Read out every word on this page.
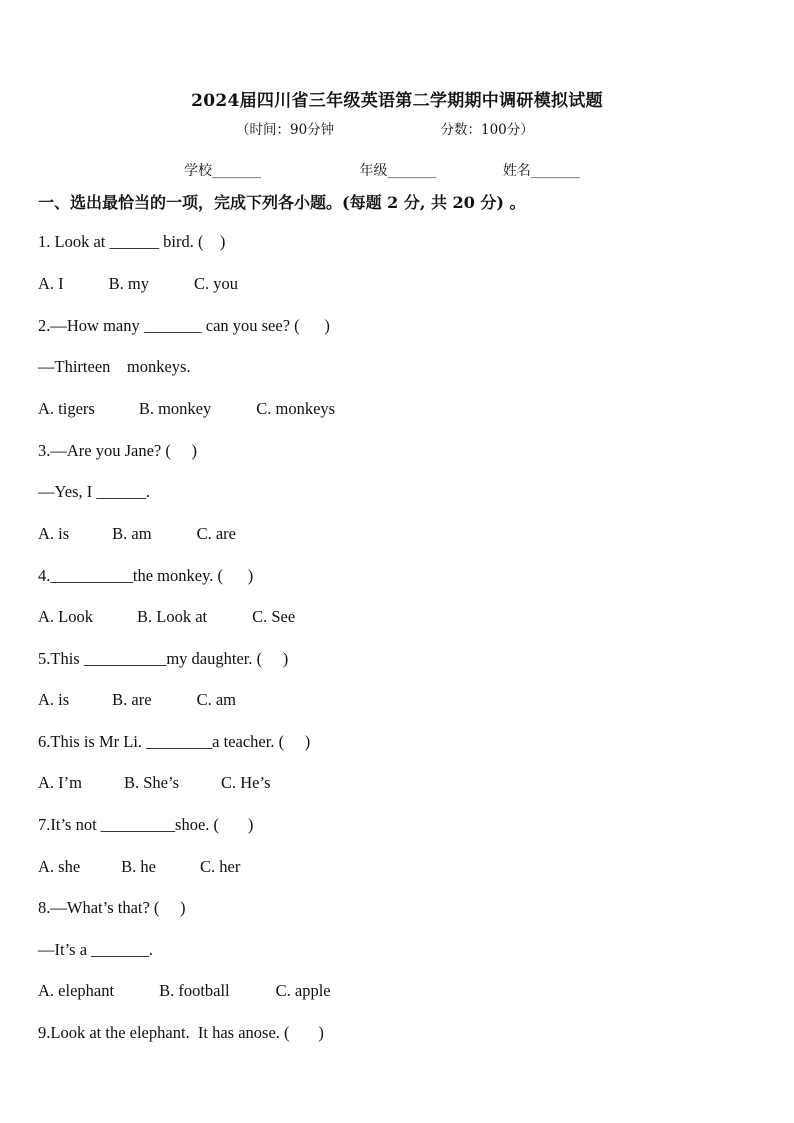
2024届四川省三年级英语第二学期期中调研模拟试题
（时间：90分钟	分数：100分）
学校_______	年级_______	姓名_______
一、选出最恰当的一项，完成下列各小题。(每题 2 分, 共 20 分) 。
1. Look at ______ bird. (    )
A. I	B. my	C. you
2.—How many _______ can you see? (      )
—Thirteen    monkeys.
A. tigers	B. monkey	C. monkeys
3.—Are you Jane? (     )
—Yes, I ______.
A. is	B. am	C. are
4.__________the monkey. (      )
A. Look	B. Look at	C. See
5.This __________my daughter. (     )
A. is	B. are	C. am
6.This is Mr Li. ________a teacher. (     )
A. I’m	B. She’s	C. He’s
7.It’s not _________shoe. (       )
A. she B. he	C. her
8.—What’s that? (     )
—It’s a _______.
A. elephant	B. football	C. apple
9.Look at the elephant.  It has anose. (       )
